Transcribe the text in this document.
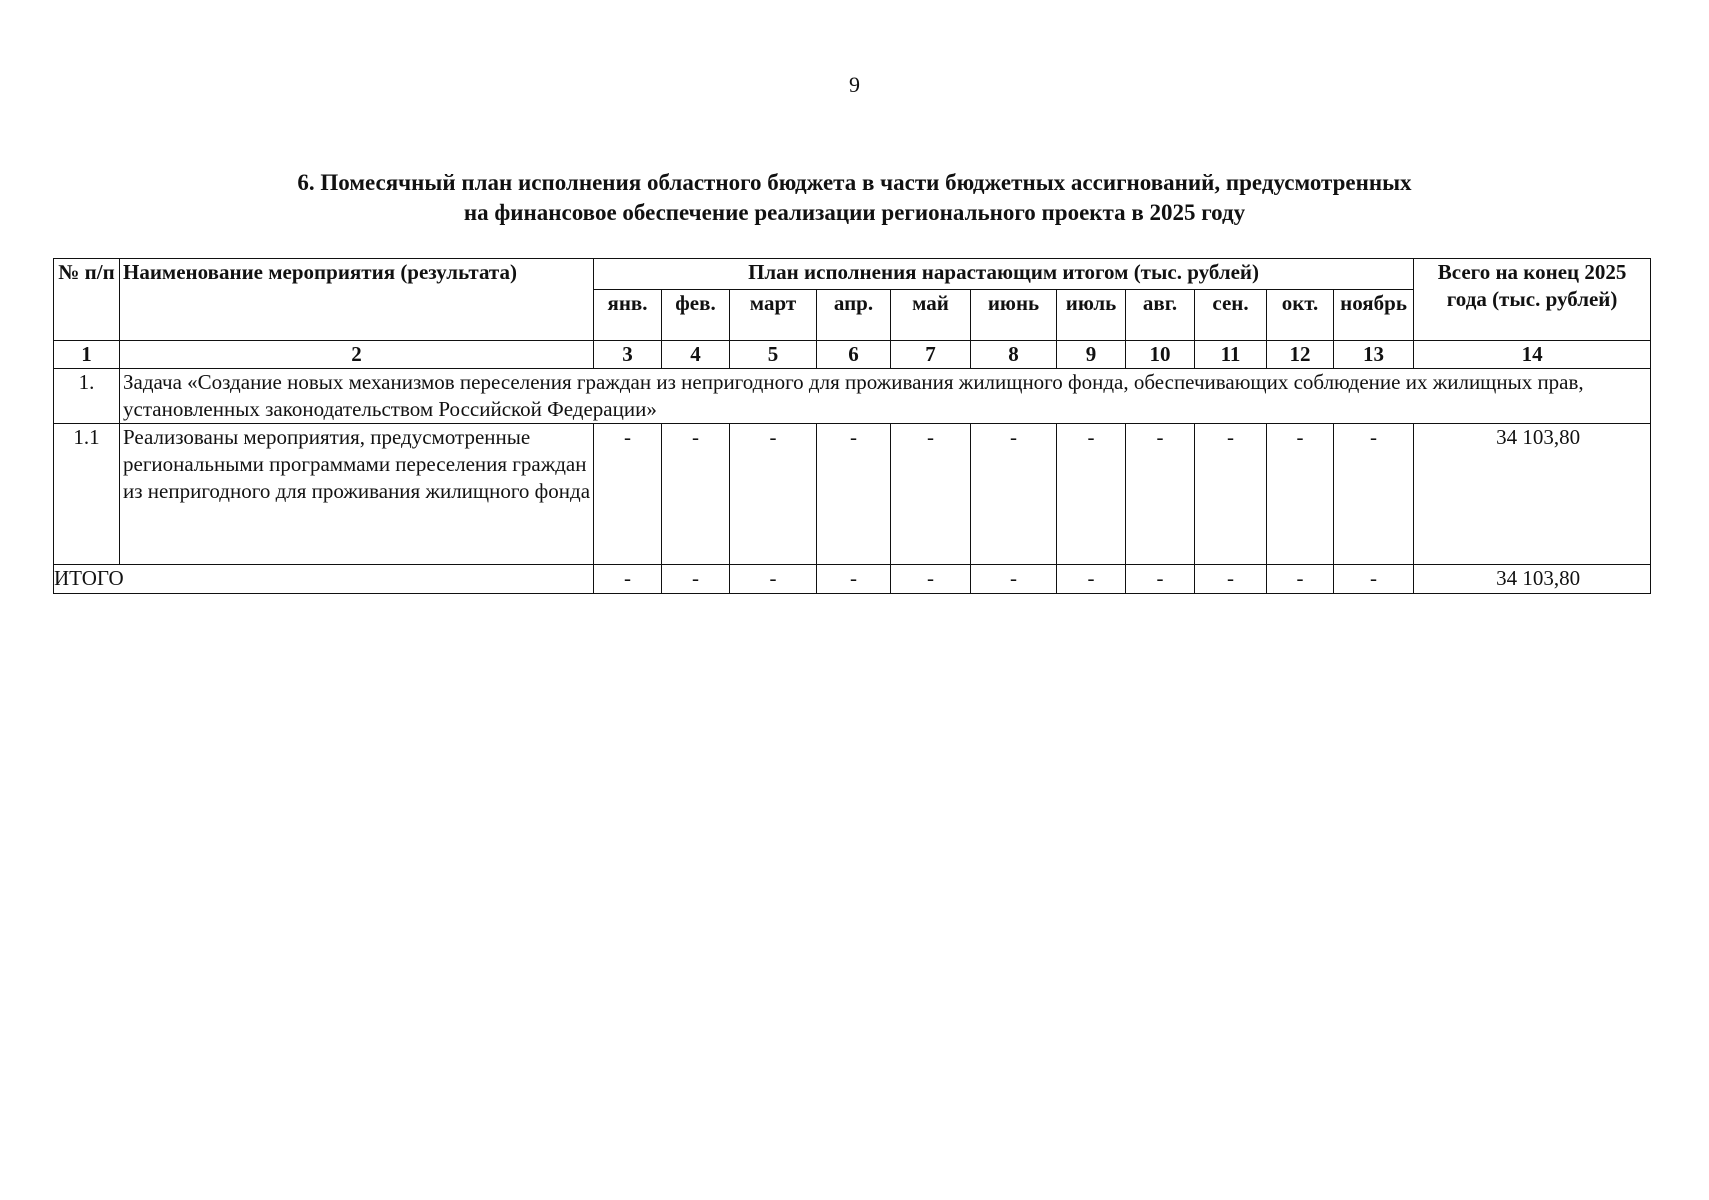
9
6. Помесячный план исполнения областного бюджета в части бюджетных ассигнований, предусмотренных
на финансовое обеспечение реализации регионального проекта в 2025 году
№ п/п	Наименование мероприятия (результата)	План исполнения нарастающим итогом (тыс. рублей)											Всего на конец 2025 года (тыс. рублей)
		янв.	фев.	март	апр.	май	июнь	июль	авг.	сен.	окт.	ноябрь	
1	2	3	4	5	6	7	8	9	10	11	12	13	14
1.	Задача «Создание новых механизмов переселения граждан из непригодного для проживания жилищного фонда, обеспечивающих соблюдение их жилищных прав, установленных законодательством Российской Федерации»												
1.1	Реализованы мероприятия, предусмотренные региональными программами переселения граждан из непригодного для проживания жилищного фонда	-	-	-	-	-	-	-	-	-	-	-	34 103,80
ИТОГО		-	-	-	-	-	-	-	-	-	-	-	34 103,80
